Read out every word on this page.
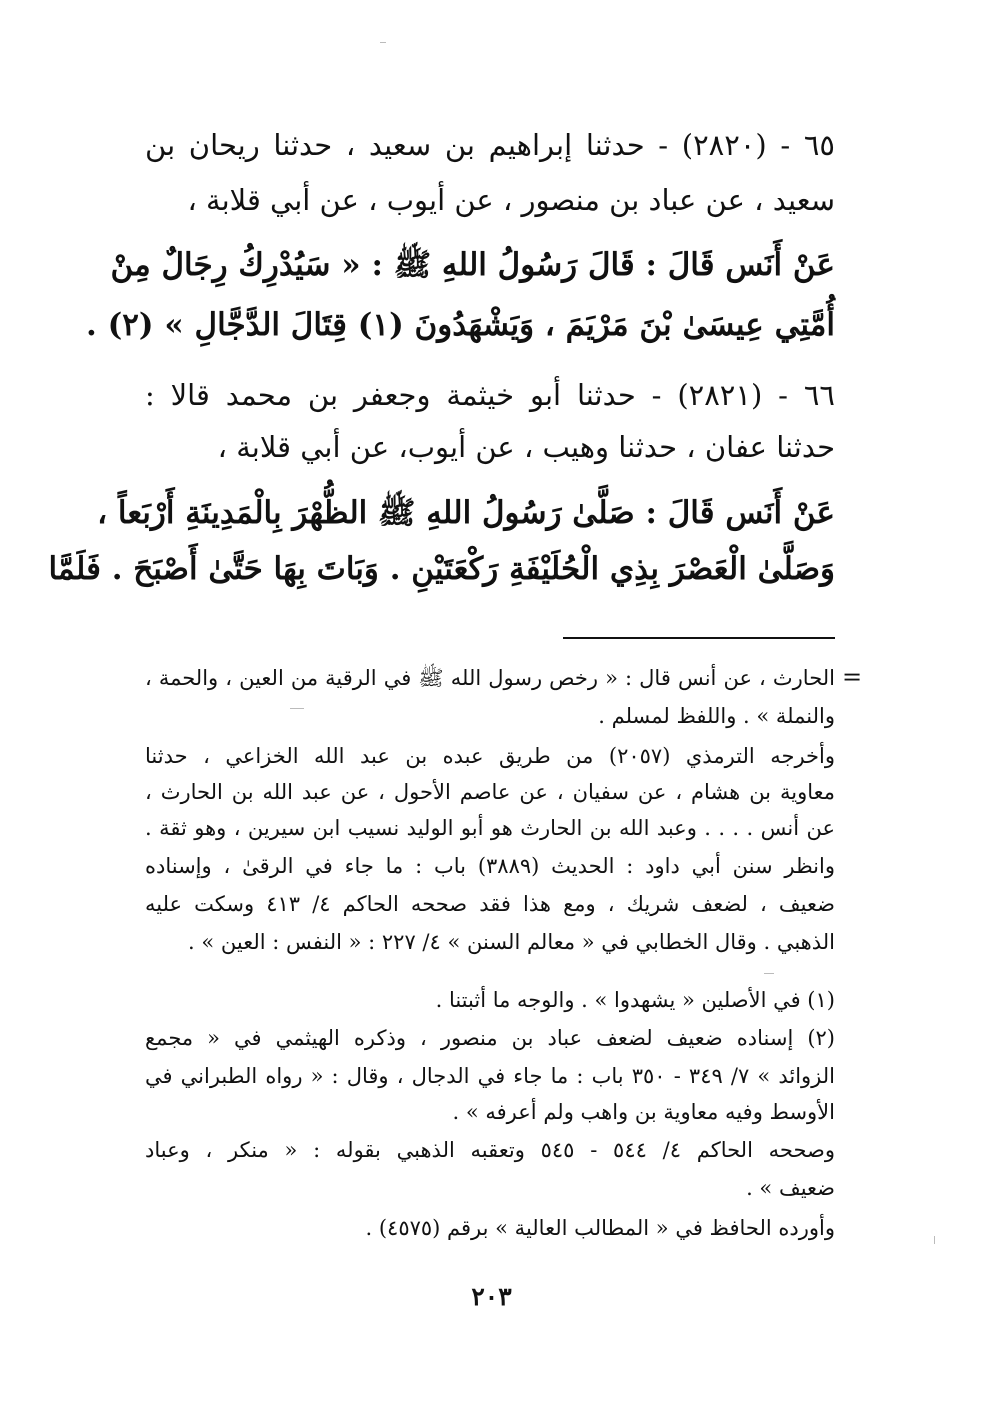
٦٥ - (٢٨٢٠) - حدثنا إبراهيم بن سعيد ، حدثنا ريحان بن
سعيد ، عن عباد بن منصور ، عن أيوب ، عن أبي قلابة ،
عَنْ أَنَس قَالَ : قَالَ رَسُولُ اللهِ ﷺ : « سَيُدْرِكُ رِجَالٌ مِنْ
أُمَّتِي عِيسَىٰ بْنَ مَرْيَمَ ، وَيَشْهَدُونَ (١) قِتَالَ الدَّجَّالِ » (٢) .
٦٦ - (٢٨٢١) - حدثنا أبو خيثمة وجعفر بن محمد قالا :
حدثنا عفان ، حدثنا وهيب ، عن أيوب، عن أبي قلابة ،
عَنْ أَنَس قَالَ : صَلَّىٰ رَسُولُ اللهِ ﷺ الظُّهْرَ بِالْمَدِينَةِ أَرْبَعاً ،
وَصَلَّىٰ الْعَصْرَ بِذِي الْحُلَيْفَةِ رَكْعَتَيْنِ . وَبَاتَ بِهَا حَتَّىٰ أَصْبَحَ . فَلَمَّا
=
الحارث ، عن أنس قال : « رخص رسول الله ﷺ في الرقية من العين ، والحمة ،
والنملة » . واللفظ لمسلم .
وأخرجه الترمذي (٢٠٥٧) من طريق عبده بن عبد الله الخزاعي ، حدثنا
معاوية بن هشام ، عن سفيان ، عن عاصم الأحول ، عن عبد الله بن الحارث ،
عن أنس . . . . وعبد الله بن الحارث هو أبو الوليد نسيب ابن سيرين ، وهو ثقة .
وانظر سنن أبي داود : الحديث (٣٨٨٩) باب : ما جاء في الرقىٰ ، وإسناده
ضعيف ، لضعف شريك ، ومع هذا فقد صححه الحاكم ٤/ ٤١٣ وسكت عليه
الذهبي . وقال الخطابي في « معالم السنن » ٤/ ٢٢٧ : « النفس : العين » .
(١) في الأصلين « يشهدوا » . والوجه ما أثبتنا .
(٢) إسناده ضعيف لضعف عباد بن منصور ، وذكره الهيثمي في « مجمع
الزوائد » ٧/ ٣٤٩ - ٣٥٠ باب : ما جاء في الدجال ، وقال : « رواه الطبراني في
الأوسط وفيه معاوية بن واهب ولم أعرفه » .
وصححه الحاكم ٤/ ٥٤٤ - ٥٤٥ وتعقبه الذهبي بقوله : « منكر ، وعباد
ضعيف » .
وأورده الحافظ في « المطالب العالية » برقم (٤٥٧٥) .
٢٠٣
